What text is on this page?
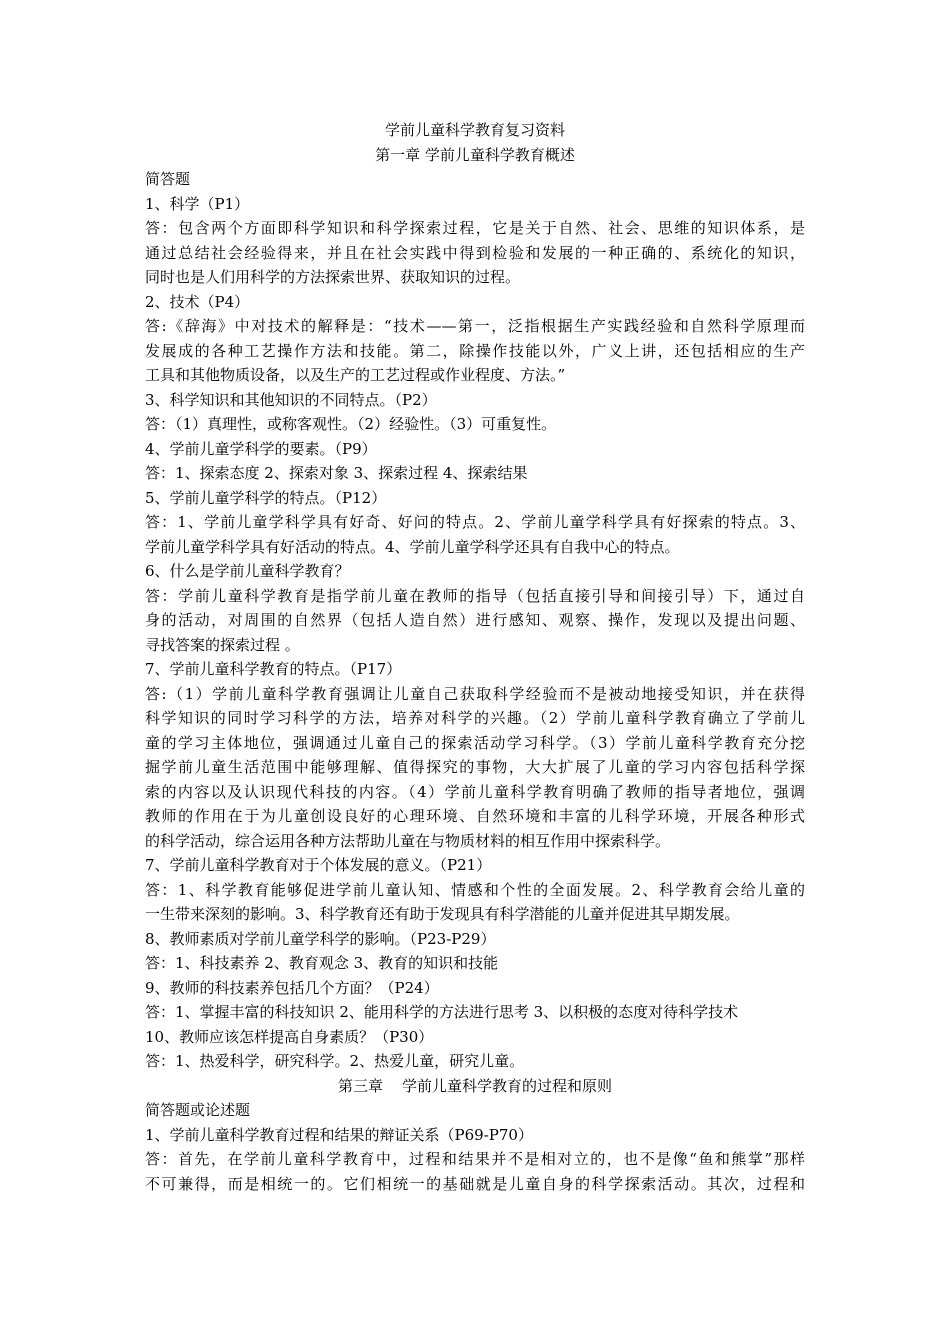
学前儿童科学教育复习资料
第一章 学前儿童科学教育概述
简答题
1、科学（P1）
答：包含两个方面即科学知识和科学探索过程，它是关于自然、社会、思维的知识体系，是
通过总结社会经验得来，并且在社会实践中得到检验和发展的一种正确的、系统化的知识，
同时也是人们用科学的方法探索世界、获取知识的过程。
2、技术（P4）
答:《辞海》中对技术的解释是：“技术——第一，泛指根据生产实践经验和自然科学原理而
发展成的各种工艺操作方法和技能。第二，除操作技能以外，广义上讲，还包括相应的生产
工具和其他物质设备，以及生产的工艺过程或作业程度、方法。”
3、科学知识和其他知识的不同特点。（P2）
答：（1）真理性，或称客观性。（2）经验性。（3）可重复性。
4、学前儿童学科学的要素。（P9）
答：1、探索态度 2、探索对象 3、探索过程 4、探索结果
5、学前儿童学科学的特点。（P12）
答：1、学前儿童学科学具有好奇、好问的特点。2、学前儿童学科学具有好探索的特点。3、
学前儿童学科学具有好活动的特点。4、学前儿童学科学还具有自我中心的特点。
6、什么是学前儿童科学教育？
答：学前儿童科学教育是指学前儿童在教师的指导（包括直接引导和间接引导）下，通过自
身的活动，对周围的自然界（包括人造自然）进行感知、观察、操作，发现以及提出问题、
寻找答案的探索过程 。
7、学前儿童科学教育的特点。（P17）
答:（1）学前儿童科学教育强调让儿童自己获取科学经验而不是被动地接受知识，并在获得
科学知识的同时学习科学的方法，培养对科学的兴趣。（2）学前儿童科学教育确立了学前儿
童的学习主体地位，强调通过儿童自己的探索活动学习科学。（3）学前儿童科学教育充分挖
掘学前儿童生活范围中能够理解、值得探究的事物，大大扩展了儿童的学习内容包括科学探
索的内容以及认识现代科技的内容。（4）学前儿童科学教育明确了教师的指导者地位，强调
教师的作用在于为儿童创设良好的心理环境、自然环境和丰富的儿科学环境，开展各种形式
的科学活动，综合运用各种方法帮助儿童在与物质材料的相互作用中探索科学。
7、学前儿童科学教育对于个体发展的意义。（P21）
答：1、科学教育能够促进学前儿童认知、情感和个性的全面发展。2、科学教育会给儿童的
一生带来深刻的影响。3、科学教育还有助于发现具有科学潜能的儿童并促进其早期发展。
8、教师素质对学前儿童学科学的影响。（P23-P29）
答：1、科技素养 2、教育观念 3、教育的知识和技能
9、教师的科技素养包括几个方面？（P24）
答：1、掌握丰富的科技知识 2、能用科学的方法进行思考 3、以积极的态度对待科学技术
10、教师应该怎样提高自身素质？（P30）
答：1、热爱科学，研究科学。2、热爱儿童，研究儿童。
第三章    学前儿童科学教育的过程和原则
简答题或论述题
1、学前儿童科学教育过程和结果的辩证关系（P69-P70）
答：首先，在学前儿童科学教育中，过程和结果并不是相对立的，也不是像“鱼和熊掌”那样
不可兼得，而是相统一的。它们相统一的基础就是儿童自身的科学探索活动。其次，过程和
